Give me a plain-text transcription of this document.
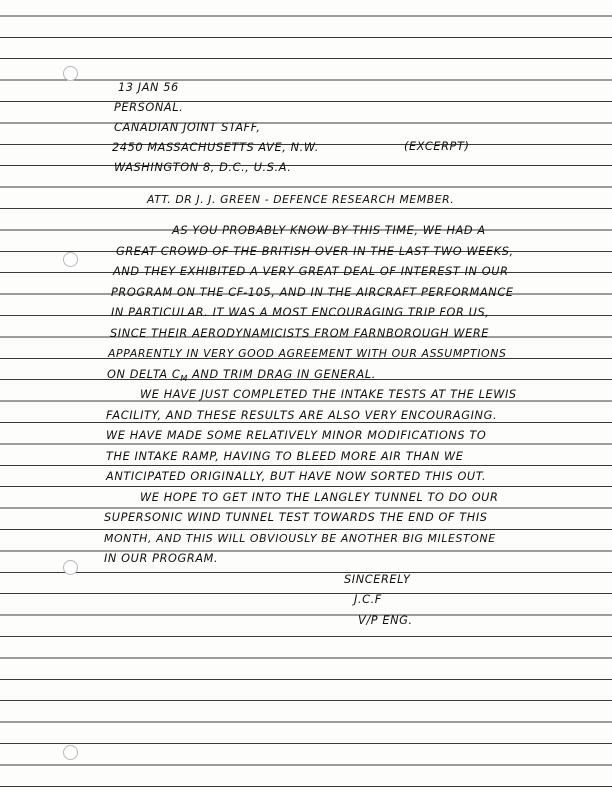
13 JAN 56
PERSONAL.
CANADIAN JOINT STAFF,
2450 MASSACHUSETTS AVE, N.W.	(EXCERPT)
WASHINGTON 8, D.C., U.S.A.
ATT. DR J. J. GREEN - DEFENCE RESEARCH MEMBER.
AS YOU PROBABLY KNOW BY THIS TIME, WE HAD A
GREAT CROWD OF THE BRITISH OVER IN THE LAST TWO WEEKS,
AND THEY EXHIBITED A VERY GREAT DEAL OF INTEREST IN OUR
PROGRAM ON THE CF-105, AND IN THE AIRCRAFT PERFORMANCE
IN PARTICULAR. IT WAS A MOST ENCOURAGING TRIP FOR US,
SINCE THEIR AERODYNAMICISTS FROM FARNBOROUGH WERE
APPARENTLY IN VERY GOOD AGREEMENT WITH OUR ASSUMPTIONS
ON DELTA $C_M$ AND TRIM DRAG IN GENERAL.
WE HAVE JUST COMPLETED THE INTAKE TESTS AT THE LEWIS
FACILITY, AND THESE RESULTS ARE ALSO VERY ENCOURAGING.
WE HAVE MADE SOME RELATIVELY MINOR MODIFICATIONS TO
THE INTAKE RAMP, HAVING TO BLEED MORE AIR THAN WE
ANTICIPATED ORIGINALLY, BUT HAVE NOW SORTED THIS OUT.
WE HOPE TO GET INTO THE LANGLEY TUNNEL TO DO OUR
SUPERSONIC WIND TUNNEL TEST TOWARDS THE END OF THIS
MONTH, AND THIS WILL OBVIOUSLY BE ANOTHER BIG MILESTONE
IN OUR PROGRAM.
SINCERELY
J.C.F
V/P ENG.
